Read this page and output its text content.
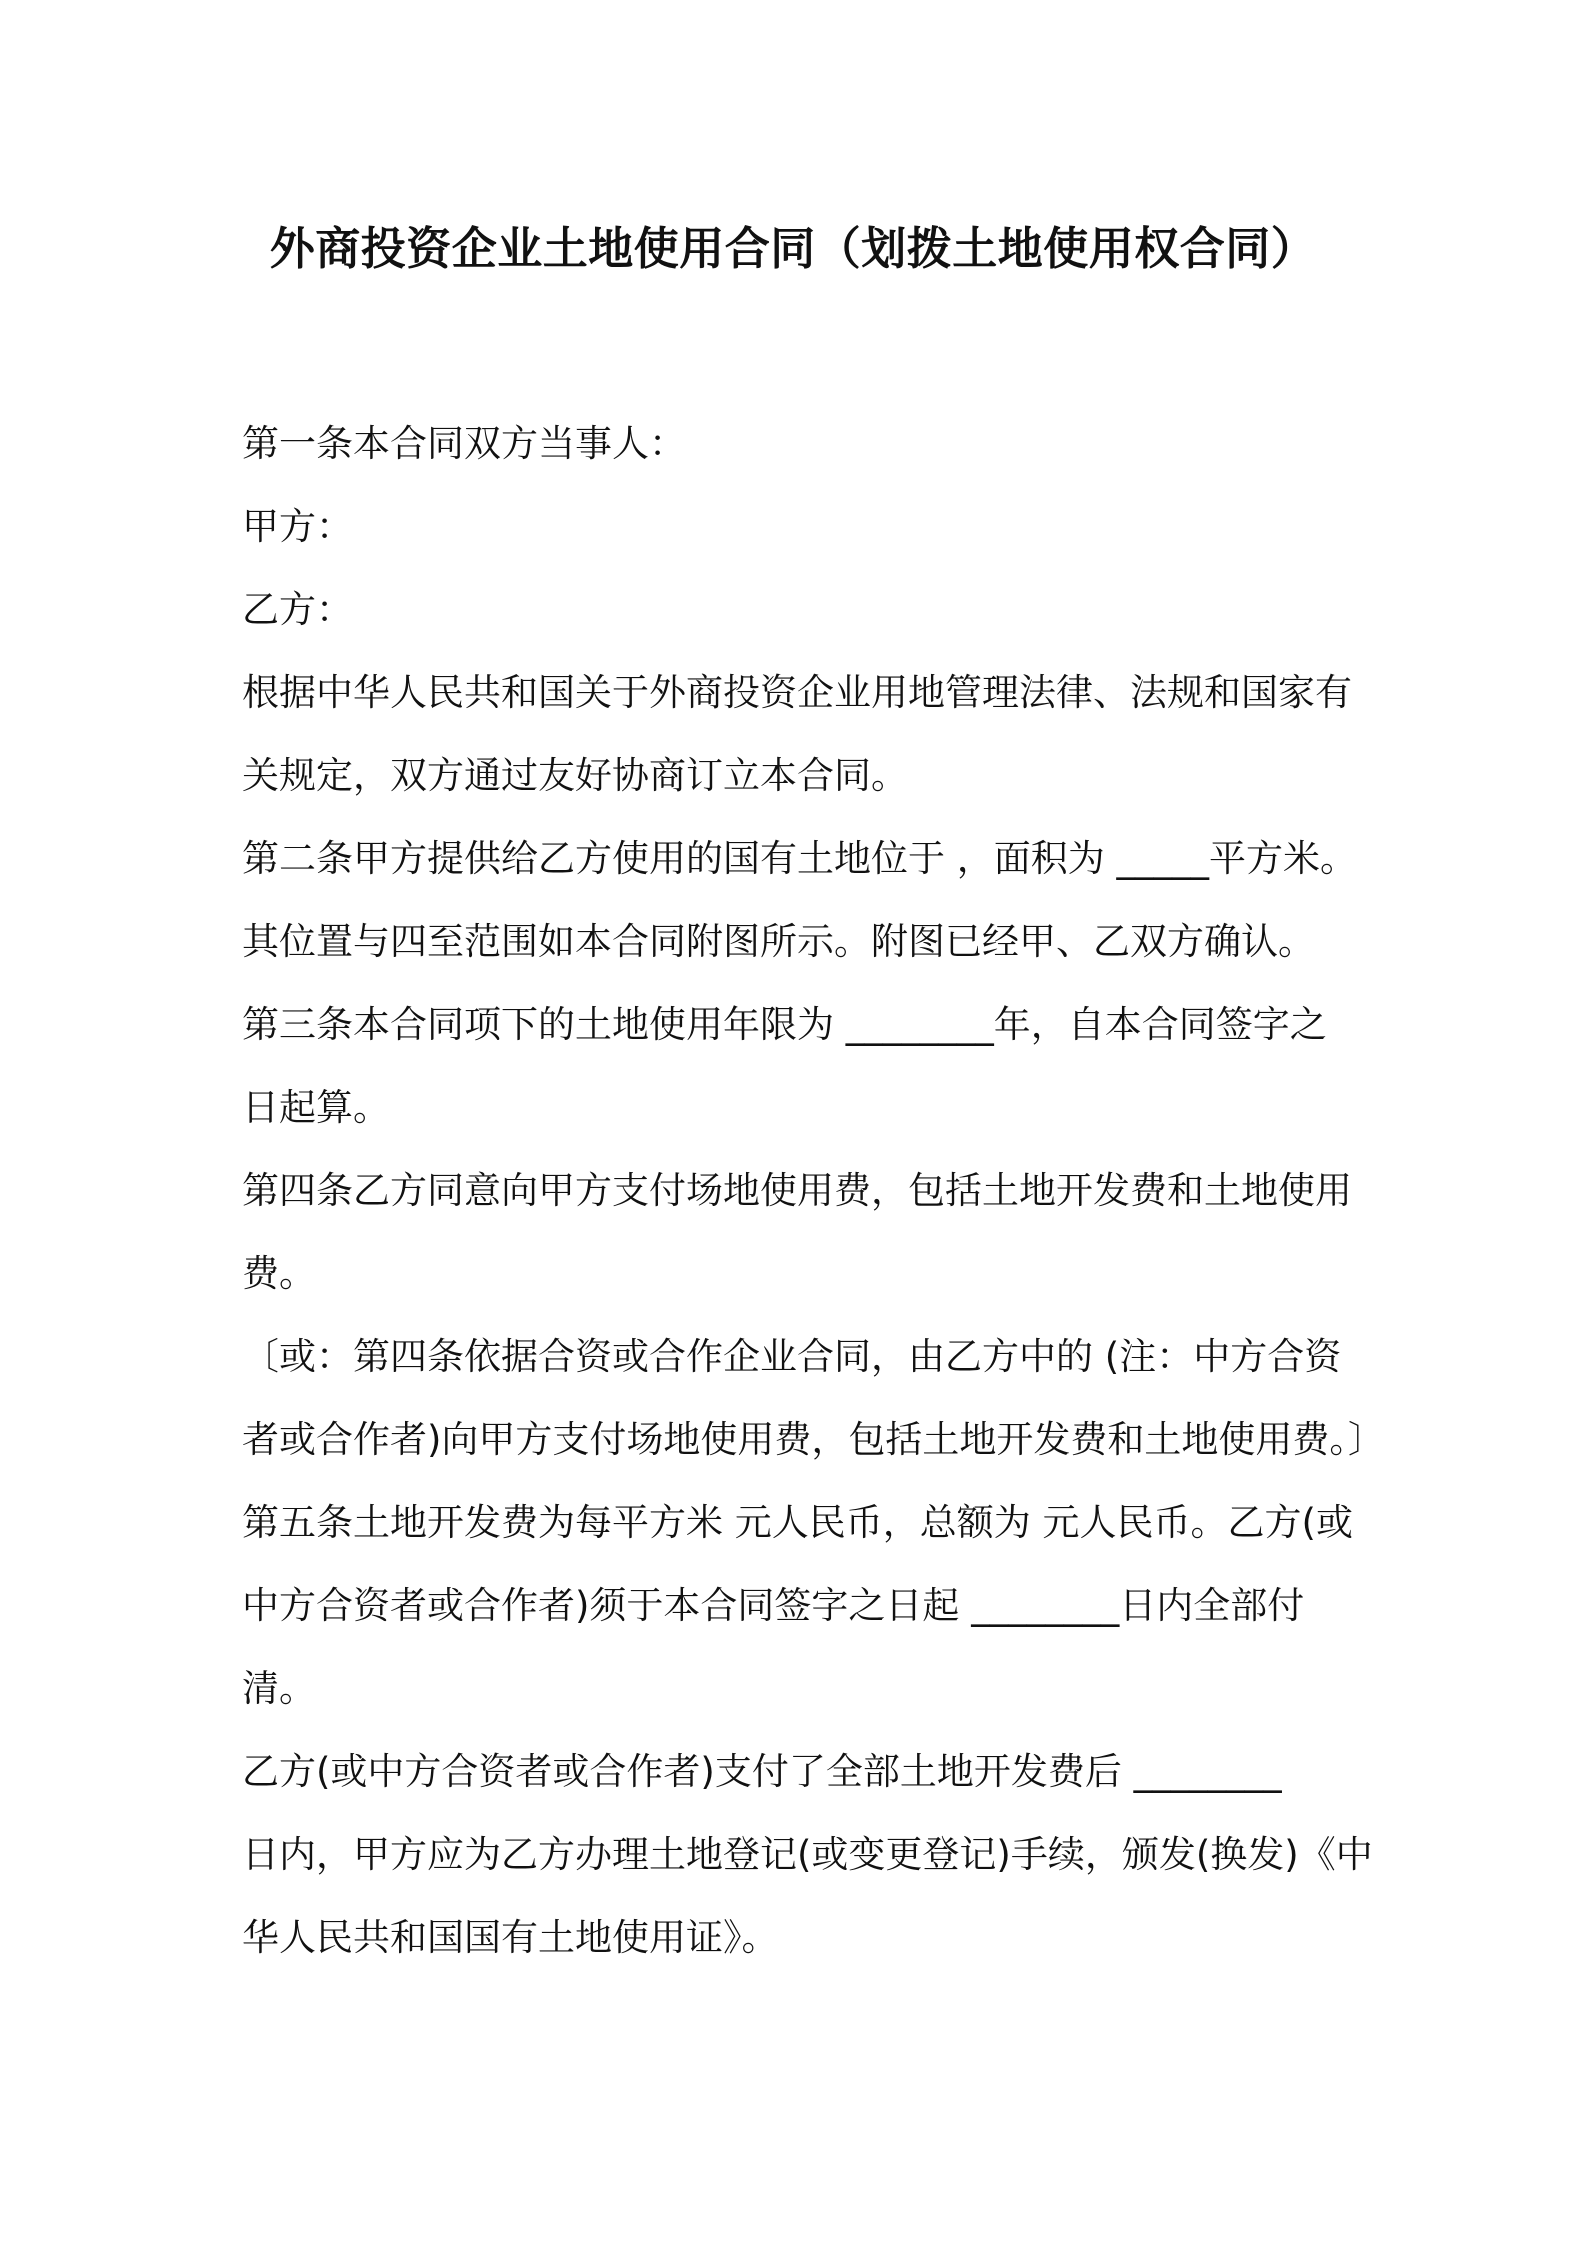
外商投资企业土地使用合同（划拨土地使用权合同）
第一条本合同双方当事人：
甲方：
乙方：
根据中华人民共和国关于外商投资企业用地管理法律、法规和国家有
关规定，双方通过友好协商订立本合同。
第二条甲方提供给乙方使用的国有土地位于 ，面积为 _____平方米。
其位置与四至范围如本合同附图所示。附图已经甲、乙双方确认。
第三条本合同项下的土地使用年限为 ________年，自本合同签字之
日起算。
第四条乙方同意向甲方支付场地使用费，包括土地开发费和土地使用
费。
〔或：第四条依据合资或合作企业合同，由乙方中的 (注：中方合资
者或合作者)向甲方支付场地使用费，包括土地开发费和土地使用费。〕
第五条土地开发费为每平方米 元人民币，总额为 元人民币。乙方(或
中方合资者或合作者)须于本合同签字之日起 ________日内全部付
清。
乙方(或中方合资者或合作者)支付了全部土地开发费后 ________
日内，甲方应为乙方办理土地登记(或变更登记)手续，颁发(换发)《中
华人民共和国国有土地使用证》。
